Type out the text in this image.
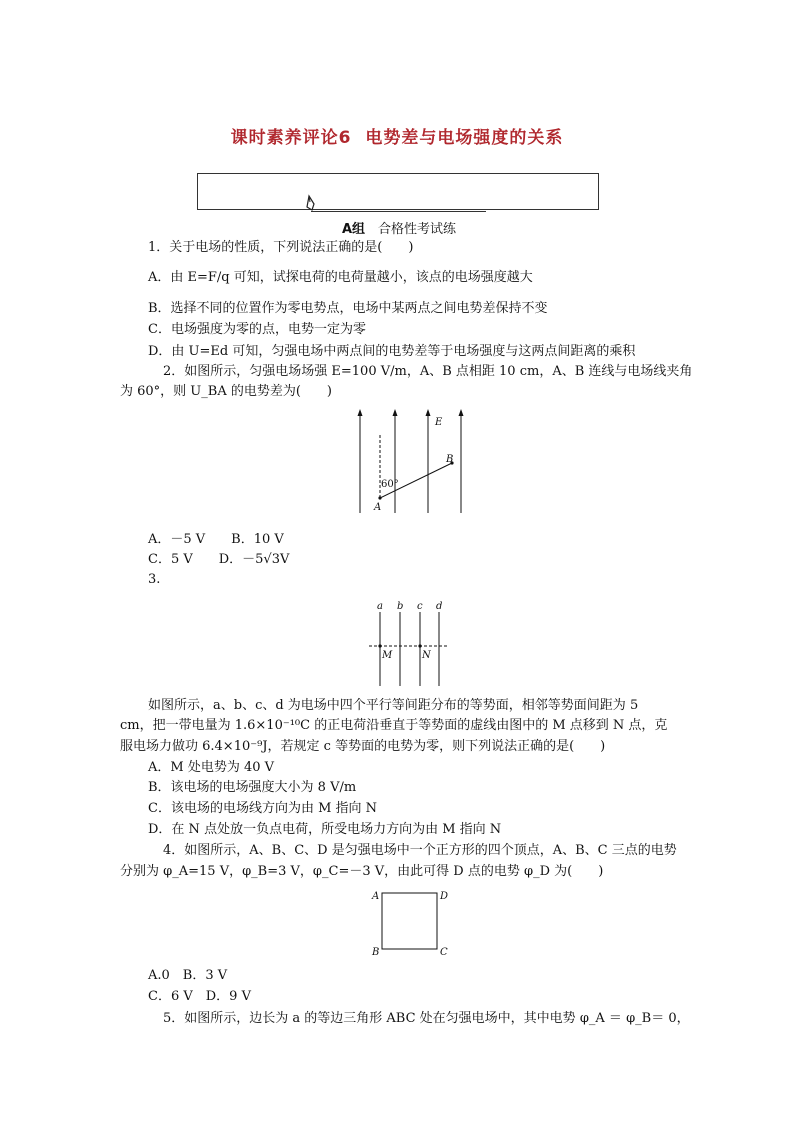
课时素养评论6 电势差与电场强度的关系
A组　 合格性考试练
1．关于电场的性质，下列说法正确的是(　　)
A．由 E=F/q 可知，试探电荷的电荷量越小，该点的电场强度越大
B．选择不同的位置作为零电势点，电场中某两点之间电势差保持不变
C．电场强度为零的点，电势一定为零
D．由 U=Ed 可知，匀强电场中两点间的电势差等于电场强度与这两点间距离的乘积
2．如图所示，匀强电场场强 E=100 V/m，A、B 点相距 10 cm，A、B 连线与电场线夹角
为 60°，则 U_BA 的电势差为(　　)
E
B
A
60°
A．－5 V　　B．10 V
C．5 V　　D．－5√3V
3.
a b c d
M	N
如图所示，a、b、c、d 为电场中四个平行等间距分布的等势面，相邻等势面间距为 5
cm，把一带电量为 1.6×10⁻¹⁰C 的正电荷沿垂直于等势面的虚线由图中的 M 点移到 N 点，克
服电场力做功 6.4×10⁻⁹J，若规定 c 等势面的电势为零，则下列说法正确的是(　　)
A．M 处电势为 40 V
B．该电场的电场强度大小为 8 V/m
C．该电场的电场线方向为由 M 指向 N
D．在 N 点处放一负点电荷，所受电场力方向为由 M 指向 N
4．如图所示，A、B、C、D 是匀强电场中一个正方形的四个顶点，A、B、C 三点的电势
分别为 φ_A=15 V，φ_B=3 V，φ_C=－3 V，由此可得 D 点的电势 φ_D 为(　　)
A	D
B	C
A.0　B．3 V
C．6 V　D．9 V
5．如图所示，边长为 a 的等边三角形 ABC 处在匀强电场中，其中电势 φ_A ＝ φ_B＝ 0，
